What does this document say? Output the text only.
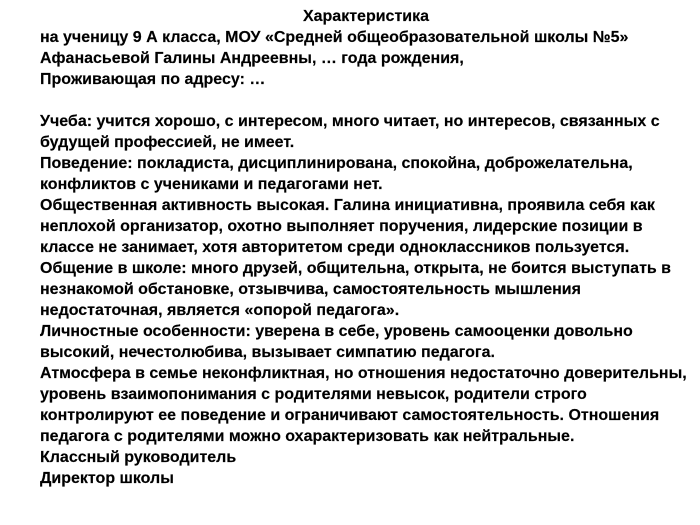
Характеристика

на ученицу 9 А класса, МОУ «Средней общеобразовательной школы №5»

Афанасьевой Галины Андреевны, … года рождения,

Проживающая по адресу: …

Учеба: учится хорошо, с интересом, много читает, но интересов, связанных с

будущей профессией, не имеет.

Поведение: покладиста, дисциплинирована, спокойна, доброжелательна,

конфликтов с учениками и педагогами нет.

Общественная активность высокая. Галина инициативна, проявила себя как

неплохой организатор, охотно выполняет поручения, лидерские позиции в

классе не занимает, хотя авторитетом среди одноклассников пользуется.

Общение в школе: много друзей, общительна, открыта, не боится выступать в

незнакомой обстановке, отзывчива, самостоятельность мышления

недостаточная, является «опорой педагога».

Личностные особенности: уверена в себе, уровень самооценки довольно

высокий, нечестолюбива, вызывает симпатию педагога.

Атмосфера в семье неконфликтная, но отношения недостаточно доверительны,

уровень взаимопонимания с родителями невысок, родители строго

контролируют ее поведение и ограничивают самостоятельность. Отношения

педагога с родителями можно охарактеризовать как нейтральные.

Классный руководитель

Директор школы
